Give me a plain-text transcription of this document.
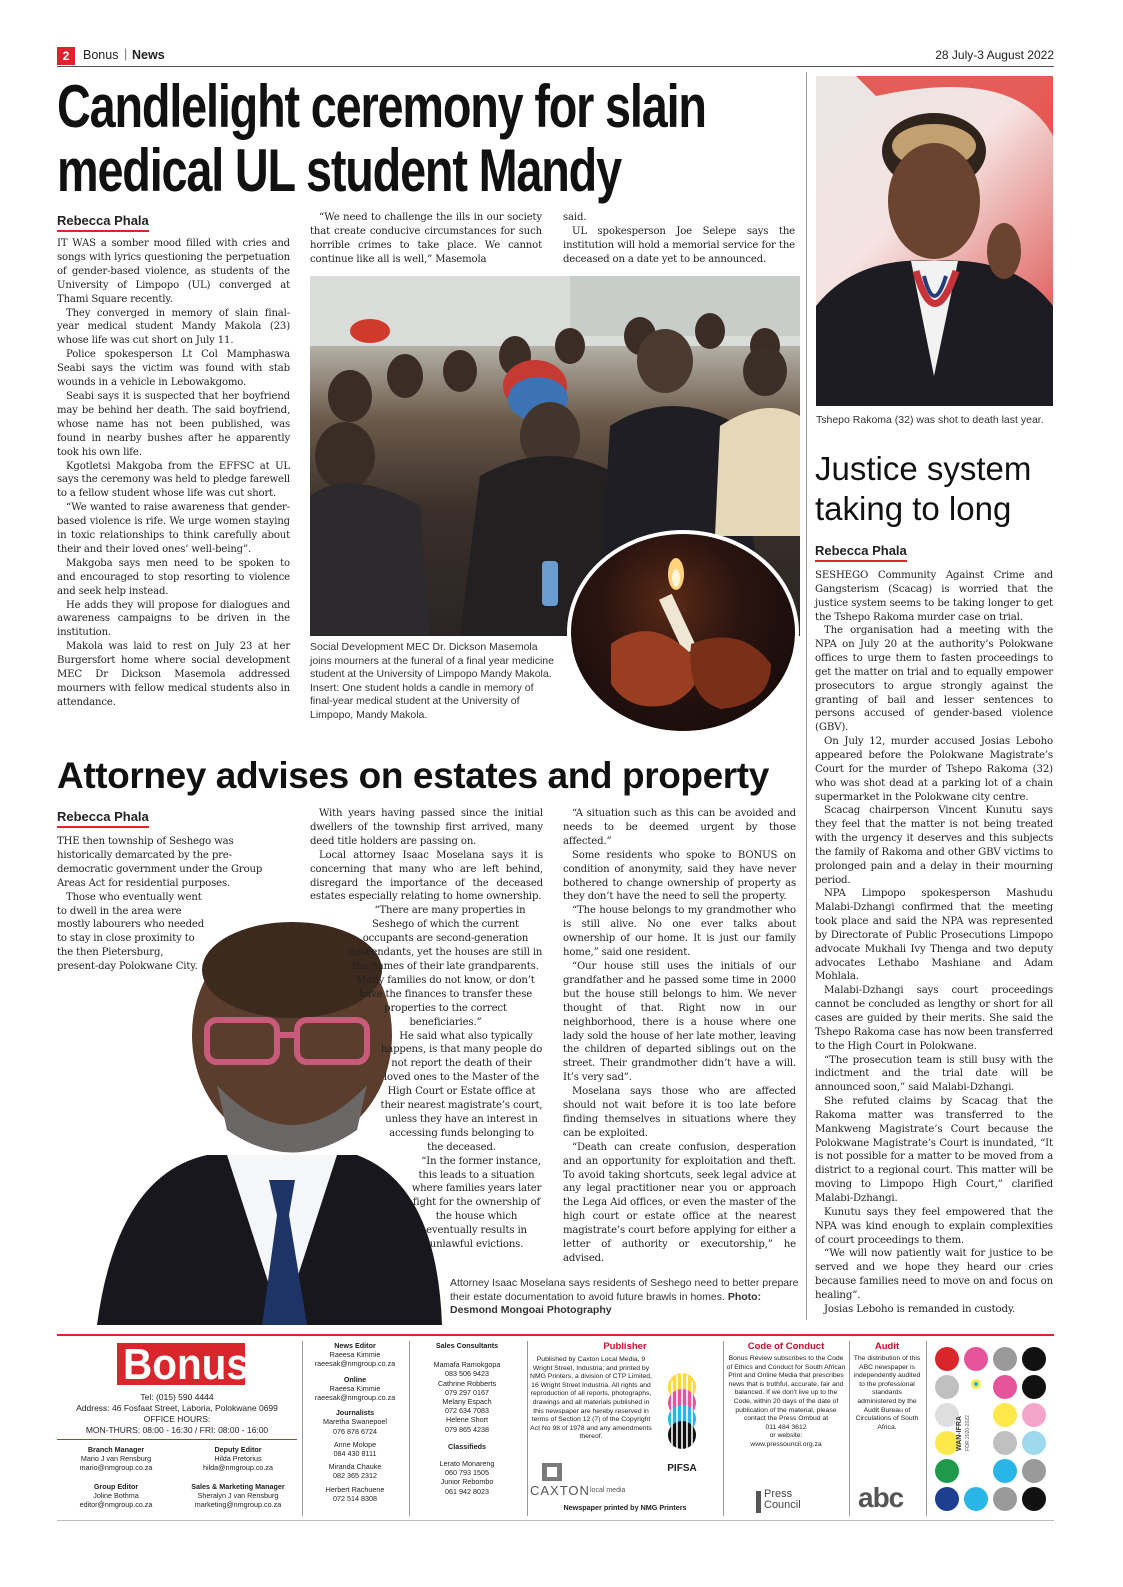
2	Bonus | News	28 July-3 August 2022
Candlelight ceremony for slain
medical UL student Mandy
Rebecca Phala

IT WAS a somber mood filled with cries and songs with lyrics questioning the perpetuation of gender-based violence, as students of the University of Limpopo (UL) converged at Thami Square recently.

They converged in memory of slain final-year medical student Mandy Makola (23) whose life was cut short on July 11.

Police spokesperson Lt Col Mamphaswa Seabi says the victim was found with stab wounds in a vehicle in Lebowakgomo.

Seabi says it is suspected that her boyfriend may be behind her death. The said boyfriend, whose name has not been published, was found in nearby bushes after he apparently took his own life.

Kgotletsi Makgoba from the EFFSC at UL says the ceremony was held to pledge farewell to a fellow student whose life was cut short.

“We wanted to raise awareness that gender-based violence is rife. We urge women staying in toxic relationships to think carefully about their and their loved ones’ well-being”.

Makgoba says men need to be spoken to and encouraged to stop resorting to violence and seek help instead.

He adds they will propose for dialogues and awareness campaigns to be driven in the institution.

Makola was laid to rest on July 23 at her Burgersfort home where social development MEC Dr Dickson Masemola addressed mourners with fellow medical students also in attendance.

“We need to challenge the ills in our society that create conducive circumstances for such horrible crimes to take place. We cannot continue like all is well,” Masemola

said.

UL spokesperson Joe Selepe says the institution will hold a memorial service for the deceased on a date yet to be announced.

Social Development MEC Dr. Dickson Masemola joins mourners at the funeral of a final year medicine student at the University of Limpopo Mandy Makola. Insert: One student holds a candle in memory of final-year medical student at the University of Limpopo, Mandy Makola.
Tshepo Rakoma (32) was shot to death last year.
Justice system
taking to long
Rebecca Phala

SESHEGO Community Against Crime and Gangsterism (Scacag) is worried that the justice system seems to be taking longer to get the Tshepo Rakoma murder case on trial.

The organisation had a meeting with the NPA on July 20 at the authority’s Polokwane offices to urge them to fasten proceedings to get the matter on trial and to equally empower prosecutors to argue strongly against the granting of bail and lesser sentences to persons accused of gender-based violence (GBV).

On July 12, murder accused Josias Leboho appeared before the Polokwane Magistrate’s Court for the murder of Tshepo Rakoma (32) who was shot dead at a parking lot of a chain supermarket in the Polokwane city centre.

Scacag chairperson Vincent Kunutu says they feel that the matter is not being treated with the urgency it deserves and this subjects the family of Rakoma and other GBV victims to prolonged pain and a delay in their mourning period.

NPA Limpopo spokesperson Mashudu Malabi-Dzhangi confirmed that the meeting took place and said the NPA was represented by Directorate of Public Prosecutions Limpopo advocate Mukhali Ivy Thenga and two deputy advocates Lethabo Mashiane and Adam Mohlala.

Malabi-Dzhangi says court proceedings cannot be concluded as lengthy or short for all cases are guided by their merits. She said the Tshepo Rakoma case has now been transferred to the High Court in Polokwane.

“The prosecution team is still busy with the indictment and the trial date will be announced soon,” said Malabi-Dzhangi.

She refuted claims by Scacag that the Rakoma matter was transferred to the Mankweng Magistrate’s Court because the Polokwane Magistrate’s Court is inundated, “It is not possible for a matter to be moved from a district to a regional court. This matter will be moving to Limpopo High Court,” clarified Malabi-Dzhangi.

Kunutu says they feel empowered that the NPA was kind enough to explain complexities of court proceedings to them.

“We will now patiently wait for justice to be served and we hope they heard our cries because families need to move on and focus on healing”.

Josias Leboho is remanded in custody.

Attorney advises on estates and property
Rebecca Phala

THE then township of Seshego was historically demarcated by the pre-democratic government under the Group Areas Act for residential purposes.

Those who eventually went to dwell in the area were mostly labourers who needed to stay in close proximity to the then Pietersburg, present-day Polokwane City.

With years having passed since the initial dwellers of the township first arrived, many deed title holders are passing on.

Local attorney Isaac Moselana says it is concerning that many who are left behind, disregard the importance of the deceased estates especially relating to home ownership.

“There are many properties in Seshego of which the current occupants are second-generation descendants, yet the houses are still in the names of their late grandparents. Many families do not know, or don’t have the finances to transfer these properties to the correct beneficiaries.”

He said what also typically happens, is that many people do not report the death of their loved ones to the Master of the High Court or Estate office at their nearest magistrate’s court, unless they have an interest in accessing funds belonging to the deceased.

“In the former instance, this leads to a situation where families years later fight for the ownership of the house which eventually results in unlawful evictions.

“A situation such as this can be avoided and needs to be deemed urgent by those affected.”

Some residents who spoke to BONUS on condition of anonymity, said they have never bothered to change ownership of property as they don’t have the need to sell the property.

“The house belongs to my grandmother who is still alive. No one ever talks about ownership of our home. It is just our family home,” said one resident.

“Our house still uses the initials of our grandfather and he passed some time in 2000 but the house still belongs to him. We never thought of that. Right now in our neighborhood, there is a house where one lady sold the house of her late mother, leaving the children of departed siblings out on the street. Their grandmother didn’t have a will. It’s very sad”.

Moselana says those who are affected should not wait before it is too late before finding themselves in situations where they can be exploited.

“Death can create confusion, desperation and an opportunity for exploitation and theft. To avoid taking shortcuts, seek legal advice at any legal practitioner near you or approach the Lega Aid offices, or even the master of the high court or estate office at the nearest magistrate’s court before applying for either a letter of authority or executorship,” he advised.

Attorney Isaac Moselana says residents of Seshego need to better prepare their estate documentation to avoid future brawls in homes. Photo: Desmond Mongoai Photography
Bonus
Tel: (015) 590 4444
Address: 46 Fosfaat Street, Laboria, Polokwane 0699
OFFICE HOURS:
MON-THURS: 08:00 - 16:30 / FRI: 08:00 - 16:00
Branch Manager
Mario J van Rensburg
mario@nmgroup.co.za
Deputy Editor
Hilda Pretorius
hilda@nmgroup.co.za
Group Editor
Joline Bothma
editor@nmgroup.co.za
Sales & Marketing Manager
Sheralyn J van Rensburg
marketing@nmgroup.co.za
News Editor
Raeesa Kimmie
raeesak@nmgroup.co.za
Online
Raeesa Kimmie
raeesak@nmgroup.co.za
Journalists
Maretha Swanepoel
076 878 6724
Anne Molope
084 430 8111
Miranda Chauke
082 365 2312
Herbert Rachuene
072 514 8308
Sales Consultants
Mamafa Ramokgopa
083 506 9423
Cathrine Robberts
079 297 0167
Melany Espach
072 634 7083
Helene Short
079 865 4238
Classifieds
Lerato Monareng
060 793 1505
Junior Rebombo
061 942 8023
Publisher
Published by Caxton Local Media, 9 Wright Street, Industria; and printed by NMG Printers, a division of CTP Limited, 16 Wright Street Industria. All rights and reproduction of all reports, photographs, drawings and all materials published in this newspaper are hereby reserved in terms of Section 12 (7) of the Copyright Act No 98 of 1978 and any amendments thereof.
PIFSA
CAXTON local media
Newspaper printed by NMG Printers
Code of Conduct
Bonus Review subscribes to the Code of Ethics and Conduct for South African Print and Online Media that prescribes news that is truthful, accurate, fair and balanced. If we don't live up to the Code, within 20 days of the date of publication of the material, please contact the Press Ombud at
011 484 3612
or website:
www.pressouncil.org.za
Press Council
Audit
The distribution of this ABC newspaper is independently audited to the professional standards administered by the Audit Bureau of Circulations of South Africa.
abc
WAN-IFRA FOR 2020-2022
